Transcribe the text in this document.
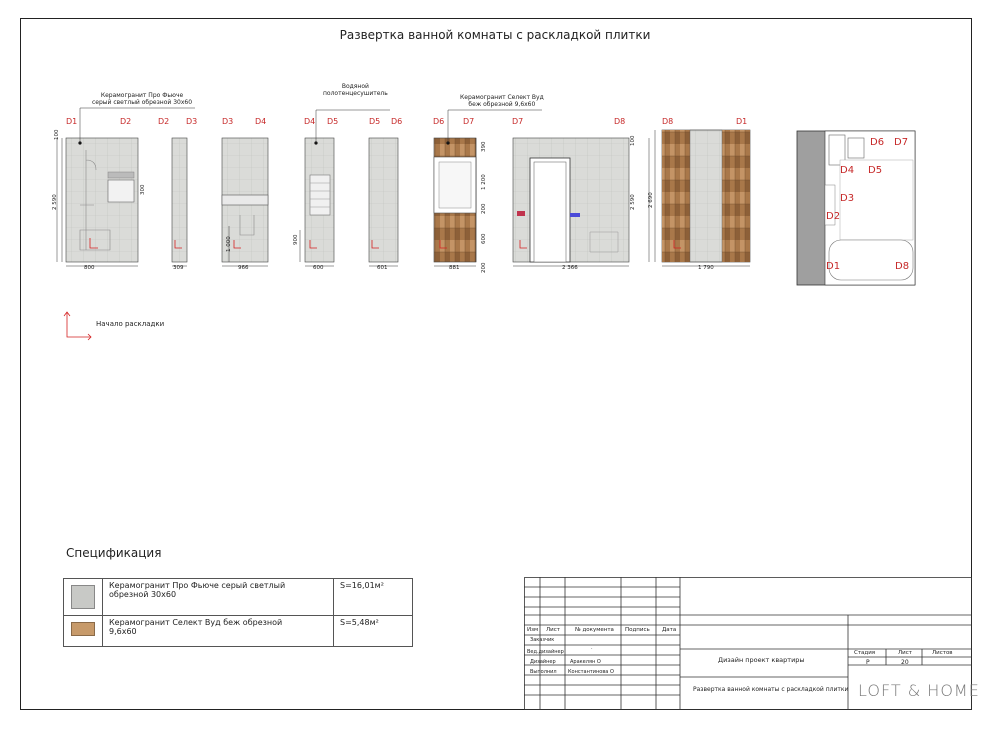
Развертка ванной комнаты с раскладкой плитки
D1	D2	D2 D3	D3	D4	D4 D5	D5 D6	D6 D7	D7	D8	D8	D1
800	309	966	600	601	881	2 366	1 790
100
2 590
300
1 000	900
390
1 200
200
600
200
100
2 590 2 690
Керамогранит Про Фьюче
серый светлый обрезной 30х60
Водяной
полотенцесушитель
Керамогранит Селект Вуд
беж обрезной 9,6х60
Начало раскладки
D6 D7
D4 D5
D3
D2
D1	D8
Спецификация
	Керамогранит Про Фьюче серый светлый
обрезной 30х60	S=16,01м²

	Керамогранит Селект Вуд беж обрезной
9,6х60	S=5,48м²
Изм Лист	№ документа Подпись Дата
Заказчик
.
Вед.дизайнер
Дизайнер	Аракелян О
Выполнил Константинова О
Дизайн проект квартиры
Развертка ванной комнаты с раскладкой плитки
Стадия	Лист	Листов
Р	20
LOFT & HOME
